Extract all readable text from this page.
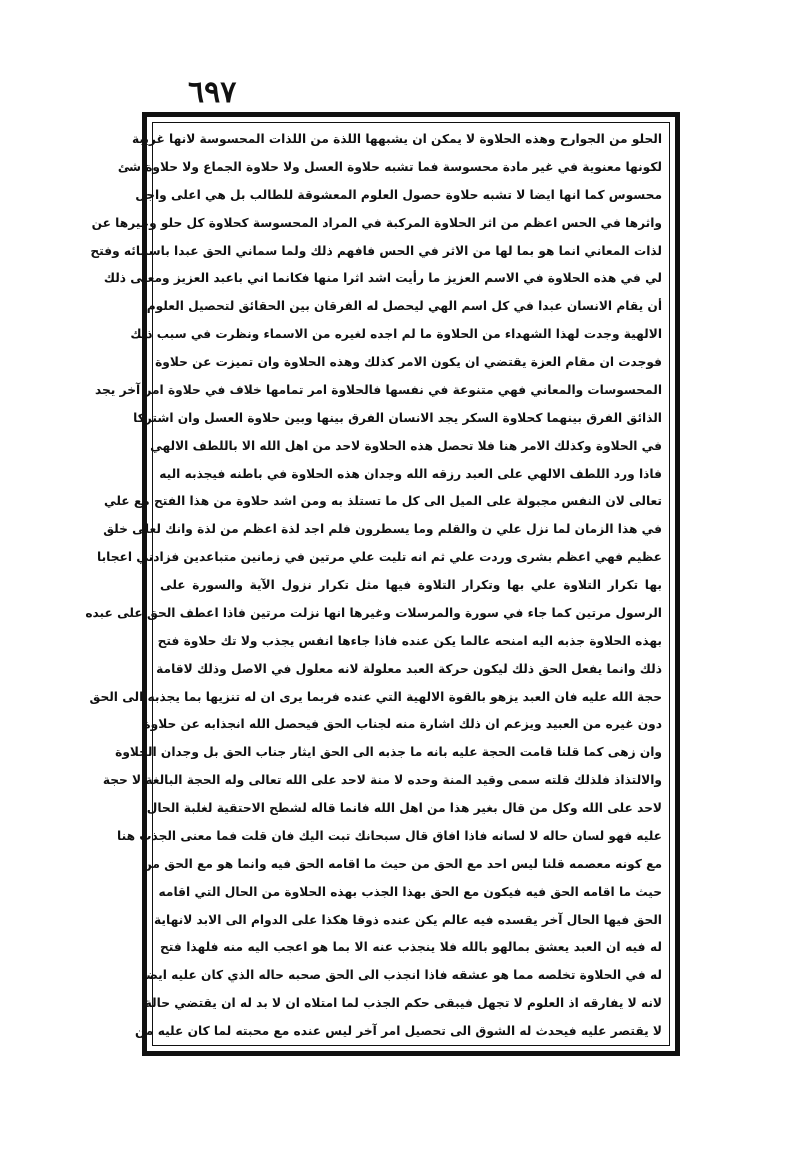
٦٩٧
الحلو من الجوارح وهذه الحلاوة لا يمكن ان يشبهها اللذة من اللذات المحسوسة لانها غريبة
لكونها معنوية في غير مادة محسوسة فما تشبه حلاوة العسل ولا حلاوة الجماع ولا حلاوة شئ
محسوس كما انها ايضا لا تشبه حلاوة حصول العلوم المعشوقة للطالب بل هي اعلى واجل
واثرها في الحس اعظم من اثر الحلاوة المركبة في المراد المحسوسة كحلاوة كل حلو وغيرها عن
لذات المعاني انما هو بما لها من الاثر في الحس فافهم ذلك ولما سماني الحق عبدا باسمائه وفتح
لي في هذه الحلاوة في الاسم العزيز ما رأيت اشد اثرا منها فكانما اني باعبد العزيز ومعنى ذلك
أن يقام الانسان عبدا في كل اسم الهي ليحصل له الفرقان بين الحقائق لتحصيل العلوم
الالهية وجدت لهذا الشهداء من الحلاوة ما لم اجده لغيره من الاسماء ونظرت في سبب ذلك
فوجدت ان مقام العزة يقتضي ان يكون الامر كذلك وهذه الحلاوة وان تميزت عن حلاوة
المحسوسات والمعاني فهي متنوعة في نفسها فالحلاوة امر تمامها خلاف في حلاوة امر آخر يجد
الذائق الفرق بينهما كحلاوة السكر يجد الانسان الفرق بينها وبين حلاوة العسل وان اشتركا
في الحلاوة وكذلك الامر هنا فلا تحصل هذه الحلاوة لاحد من اهل الله الا باللطف الالهي
فاذا ورد اللطف الالهي على العبد رزقه الله وجدان هذه الحلاوة في باطنه فيجذبه اليه
تعالى لان النفس مجبولة على الميل الى كل ما تستلذ به ومن اشد حلاوة من هذا الفتح مع علي
في هذا الزمان لما نزل علي ن والقلم وما يسطرون فلم اجد لذة اعظم من لذة وانك لعلى خلق
عظيم فهي اعظم بشرى وردت علي ثم انه تليت علي مرتين في زمانين متباعدين فزادني اعجابا
بها تكرار التلاوة علي بها وتكرار التلاوة فيها مثل تكرار نزول الآية والسورة على
الرسول مرتين كما جاء في سورة والمرسلات وغيرها انها نزلت مرتين فاذا اعطف الحق على عبده
بهذه الحلاوة جذبه اليه امنحه عالما يكن عنده فاذا جاءها انفس يجذب ولا تك حلاوة فتح
ذلك وانما يفعل الحق ذلك ليكون حركة العبد معلولة لانه معلول في الاصل وذلك لاقامة
حجة الله عليه فان العبد يزهو بالقوة الالهية التي عنده فربما يرى ان له تنزيها بما يجذبه الى الحق
دون غيره من العبيد ويزعم ان ذلك اشارة منه لجناب الحق فيحصل الله انجذابه عن حلاوة
وان زهى كما قلنا قامت الحجة عليه بانه ما جذبه الى الحق ايثار جناب الحق بل وجدان الحلاوة
والالتذاذ فلذلك قلته سمى وقيد المنة وحده لا منة لاحد على الله تعالى وله الحجة البالغة لا حجة
لاحد على الله وكل من قال بغير هذا من اهل الله فانما قاله لشطح الاحتقية لغلبة الحال
عليه فهو لسان حاله لا لسانه فاذا افاق قال سبحانك تبت اليك فان قلت فما معنى الجذب هنا
مع كونه معصمه قلنا ليس احد مع الحق من حيث ما اقامه الحق فيه وانما هو مع الحق من
حيث ما اقامه الحق فيه فيكون مع الحق بهذا الجذب بهذه الحلاوة من الحال التي اقامه
الحق فيها الحال آخر يقسده فيه عالم يكن عنده ذوقا هكذا على الدوام الى الابد لانهاية
له فيه ان العبد يعشق بمالهو بالله فلا ينجذب عنه الا بما هو اعجب اليه منه فلهذا فتح
له في الحلاوة تخلصه مما هو عشقه فاذا انجذب الى الحق صحبه حاله الذي كان عليه ايضا
لانه لا يفارقه اذ العلوم لا تجهل فيبقى حكم الجذب لما امتلاه ان لا بد له ان يقتضي حالة
لا يقتصر عليه فيحدث له الشوق الى تحصيل امر آخر ليس عنده مع محبته لما كان عليه من
